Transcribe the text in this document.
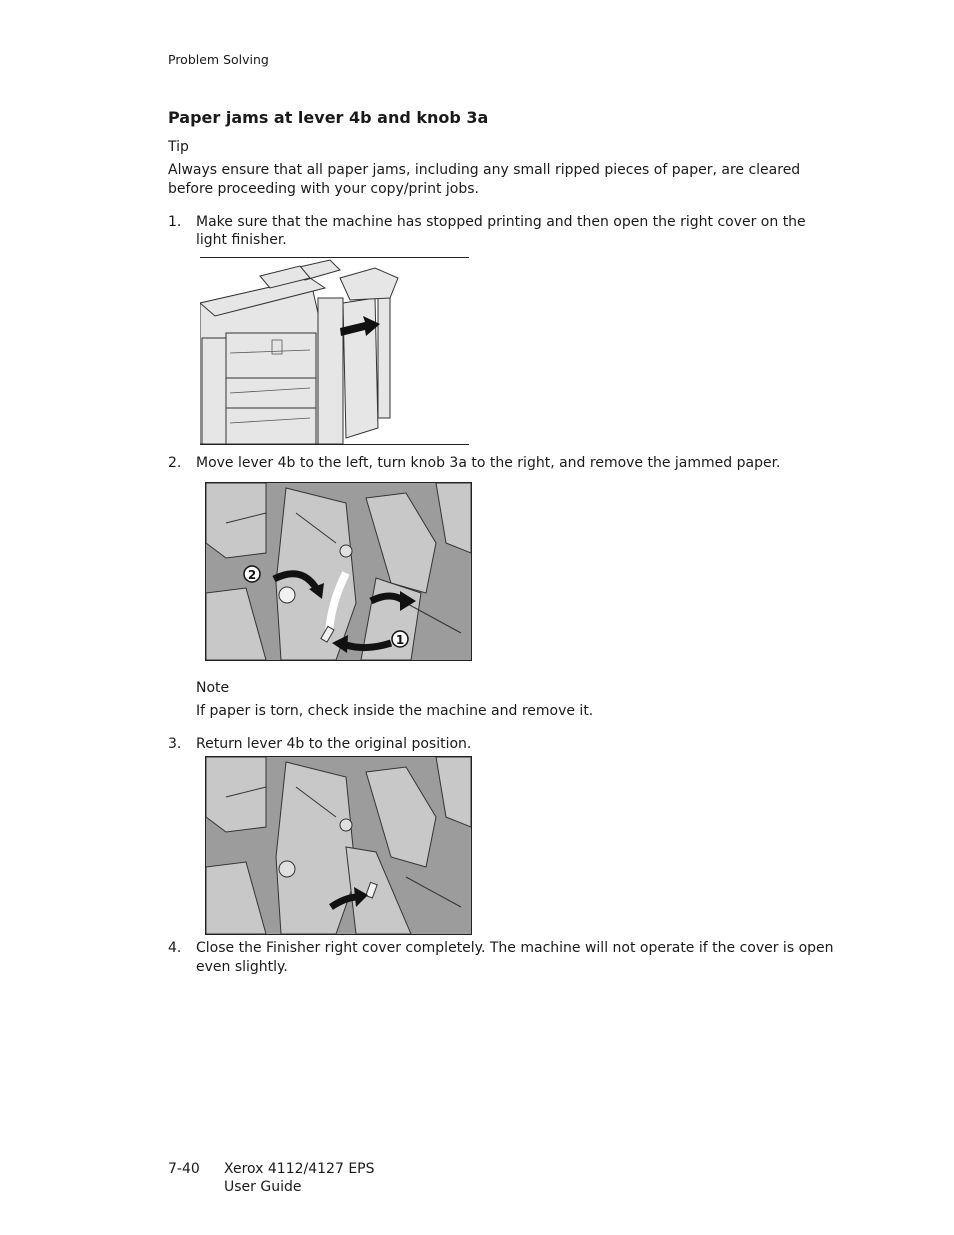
Problem Solving
Paper jams at lever 4b and knob 3a
Tip
Always ensure that all paper jams, including any small ripped pieces of paper, are cleared
before proceeding with your copy/print jobs.
1. Make sure that the machine has stopped printing and then open the right cover on the
light finisher.
2. Move lever 4b to the left, turn knob 3a to the right, and remove the jammed paper.
2
1
Note
If paper is torn, check inside the machine and remove it.
3. Return lever 4b to the original position.
4. Close the Finisher right cover completely. The machine will not operate if the cover is open
even slightly.
7-40 Xerox 4112/4127 EPS
User Guide
